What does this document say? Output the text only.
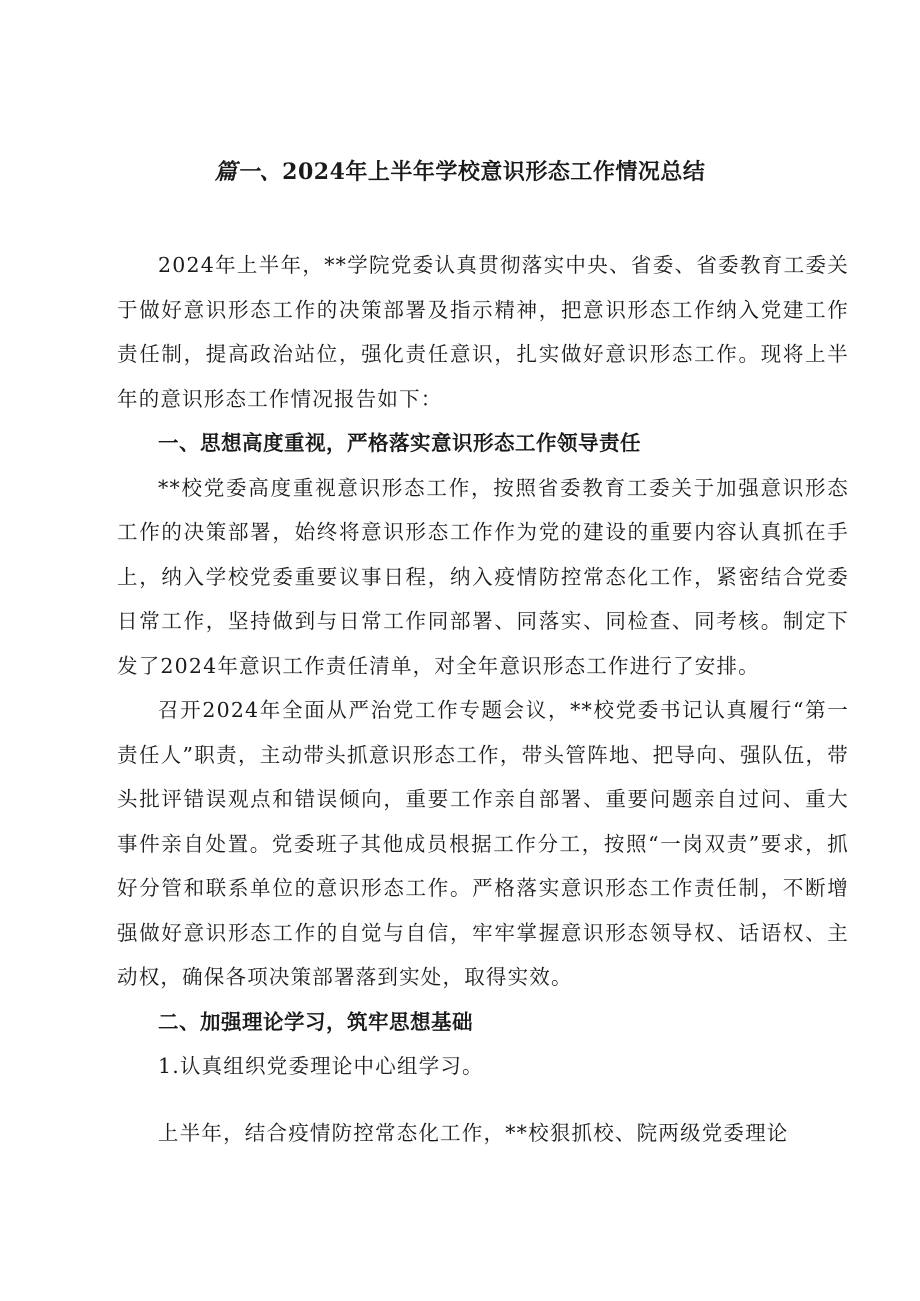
篇一、2024年上半年学校意识形态工作情况总结

2024年上半年，**学院党委认真贯彻落实中央、省委、省委教育工委关于做好意识形态工作的决策部署及指示精神，把意识形态工作纳入党建工作责任制，提高政治站位，强化责任意识，扎实做好意识形态工作。现将上半年的意识形态工作情况报告如下：

一、思想高度重视，严格落实意识形态工作领导责任

**校党委高度重视意识形态工作，按照省委教育工委关于加强意识形态工作的决策部署，始终将意识形态工作作为党的建设的重要内容认真抓在手上，纳入学校党委重要议事日程，纳入疫情防控常态化工作，紧密结合党委日常工作，坚持做到与日常工作同部署、同落实、同检查、同考核。制定下发了2024年意识工作责任清单，对全年意识形态工作进行了安排。

召开2024年全面从严治党工作专题会议，**校党委书记认真履行“第一责任人”职责，主动带头抓意识形态工作，带头管阵地、把导向、强队伍，带头批评错误观点和错误倾向，重要工作亲自部署、重要问题亲自过问、重大事件亲自处置。党委班子其他成员根据工作分工，按照“一岗双责”要求，抓好分管和联系单位的意识形态工作。严格落实意识形态工作责任制，不断增强做好意识形态工作的自觉与自信，牢牢掌握意识形态领导权、话语权、主动权，确保各项决策部署落到实处，取得实效。

二、加强理论学习，筑牢思想基础

1.认真组织党委理论中心组学习。

上半年，结合疫情防控常态化工作，**校狠抓校、院两级党委理论
